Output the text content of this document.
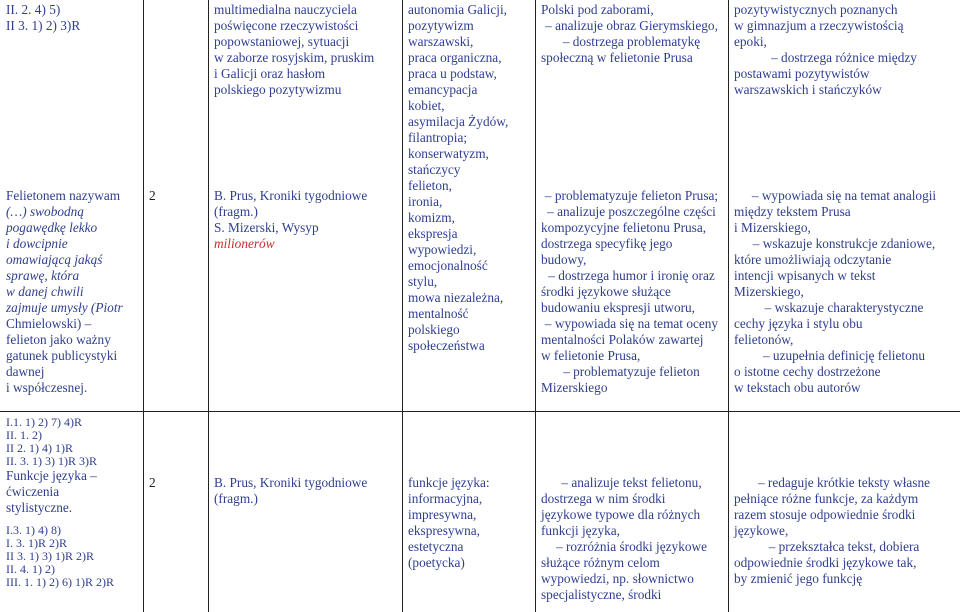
II. 2. 4) 5)

II 3. 1) 2) 3)R

Felietonem nazywam

(…) swobodną

pogawędkę lekko

i dowcipnie

omawiającą jakąś

sprawę, która

w danej chwili

zajmuje umysły (Piotr

Chmielowski) –

felieton jako ważny

gatunek publicystyki

dawnej

i współczesnej.

2

multimedialna nauczyciela

poświęcone rzeczywistości

popowstaniowej, sytuacji

w zaborze rosyjskim, pruskim

i Galicji oraz hasłom

polskiego pozytywizmu

B. Prus, Kroniki tygodniowe

(fragm.)

S. Mizerski, Wysyp

milionerów

autonomia Galicji,

pozytywizm

warszawski,

praca organiczna,

praca u podstaw,

emancypacja

kobiet,

asymilacja Żydów,

filantropia;

konserwatyzm,

stańczycy

felieton,

ironia,

komizm,

ekspresja

wypowiedzi,

emocjonalność

stylu,

mowa niezależna,

mentalność

polskiego

społeczeństwa

Polski pod zaborami,

– analizuje obraz Gierymskiego,

– dostrzega problematykę

społeczną w felietonie Prusa

– problematyzuje felieton Prusa;

– analizuje poszczególne części

kompozycyjne felietonu Prusa,

dostrzega specyfikę jego

budowy,

– dostrzega humor i ironię oraz

środki językowe służące

budowaniu ekspresji utworu,

– wypowiada się na temat oceny

mentalności Polaków zawartej

w felietonie Prusa,

– problematyzuje felieton

Mizerskiego

pozytywistycznych poznanych

w gimnazjum a rzeczywistością

epoki,

– dostrzega różnice między

postawami pozytywistów

warszawskich i stańczyków

– wypowiada się na temat analogii

między tekstem Prusa

i Mizerskiego,

– wskazuje konstrukcje zdaniowe,

które umożliwiają odczytanie

intencji wpisanych w tekst

Mizerskiego,

– wskazuje charakterystyczne

cechy języka i stylu obu

felietonów,

– uzupełnia definicję felietonu

o istotne cechy dostrzeżone

w tekstach obu autorów

I.1. 1) 2) 7) 4)R

II. 1. 2)

II 2. 1) 4) 1)R

II. 3. 1) 3) 1)R 3)R

Funkcje języka –

ćwiczenia

stylistyczne.

I.3. 1) 4) 8)

I. 3. 1)R 2)R

II 3. 1) 3) 1)R 2)R

II. 4. 1) 2)

III. 1. 1) 2) 6) 1)R 2)R

2	B. Prus, Kroniki tygodniowe

(fragm.)

funkcje języka:

informacyjna,

impresywna,

ekspresywna,

estetyczna

(poetycka)

– analizuje tekst felietonu,

dostrzega w nim środki

językowe typowe dla różnych

funkcji języka,

– rozróżnia środki językowe

służące różnym celom

wypowiedzi, np. słownictwo

specjalistyczne, środki

– redaguje krótkie teksty własne

pełniące różne funkcje, za każdym

razem stosuje odpowiednie środki

językowe,

– przekształca tekst, dobiera

odpowiednie środki językowe tak,

by zmienić jego funkcję
